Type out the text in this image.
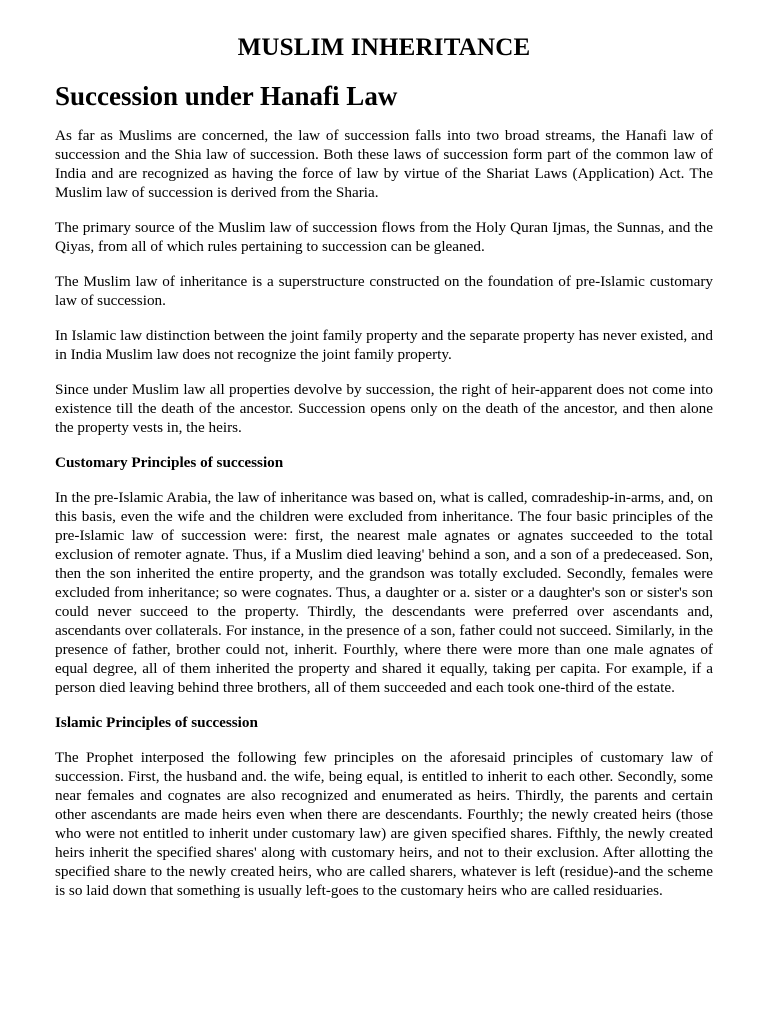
MUSLIM INHERITANCE
Succession under Hanafi Law

As far as Muslims are concerned, the law of succession falls into two broad streams, the Hanafi law of succession and the Shia law of succession. Both these laws of succession form part of the common law of India and are recognized as having the force of law by virtue of the Shariat Laws (Application) Act. The Muslim law of succession is derived from the Sharia.

The primary source of the Muslim law of succession flows from the Holy Quran Ijmas, the Sunnas, and the Qiyas, from all of which rules pertaining to succession can be gleaned.

The Muslim law of inheritance is a superstructure constructed on the foundation of pre-Islamic customary law of succession.

In Islamic law distinction between the joint family property and the separate property has never existed, and in India Muslim law does not recognize the joint family property.

Since under Muslim law all properties devolve by succession, the right of heir-apparent does not come into existence till the death of the ancestor. Succession opens only on the death of the ancestor, and then alone the property vests in, the heirs.

Customary Principles of succession

In the pre-Islamic Arabia, the law of inheritance was based on, what is called, comradeship-in-arms, and, on this basis, even the wife and the children were excluded from inheritance. The four basic principles of the pre-Islamic law of succession were: first, the nearest male agnates or agnates succeeded to the total exclusion of remoter agnate. Thus, if a Muslim died leaving' behind a son, and a son of a predeceased. Son, then the son inherited the entire property, and the grandson was totally excluded. Secondly, females were excluded from inheritance; so were cognates. Thus, a daughter or a. sister or a daughter's son or sister's son could never succeed to the property. Thirdly, the descendants were preferred over ascendants and, ascendants over collaterals. For instance, in the presence of a son, father could not succeed. Similarly, in the presence of father, brother could not, inherit. Fourthly, where there were more than one male agnates of equal degree, all of them inherited the property and shared it equally, taking per capita. For example, if a person died leaving behind three brothers, all of them succeeded and each took one-third of the estate.

Islamic Principles of succession

The Prophet interposed the following few principles on the aforesaid principles of customary law of succession. First, the husband and. the wife, being equal, is entitled to inherit to each other. Secondly, some near females and cognates are also recognized and enumerated as heirs. Thirdly, the parents and certain other ascendants are made heirs even when there are descendants. Fourthly; the newly created heirs (those who were not entitled to inherit under customary law) are given specified shares. Fifthly, the newly created heirs inherit the specified shares' along with customary heirs, and not to their exclusion. After allotting the specified share to the newly created heirs, who are called sharers, whatever is left (residue)-and the scheme is so laid down that something is usually left-goes to the customary heirs who are called residuaries.
